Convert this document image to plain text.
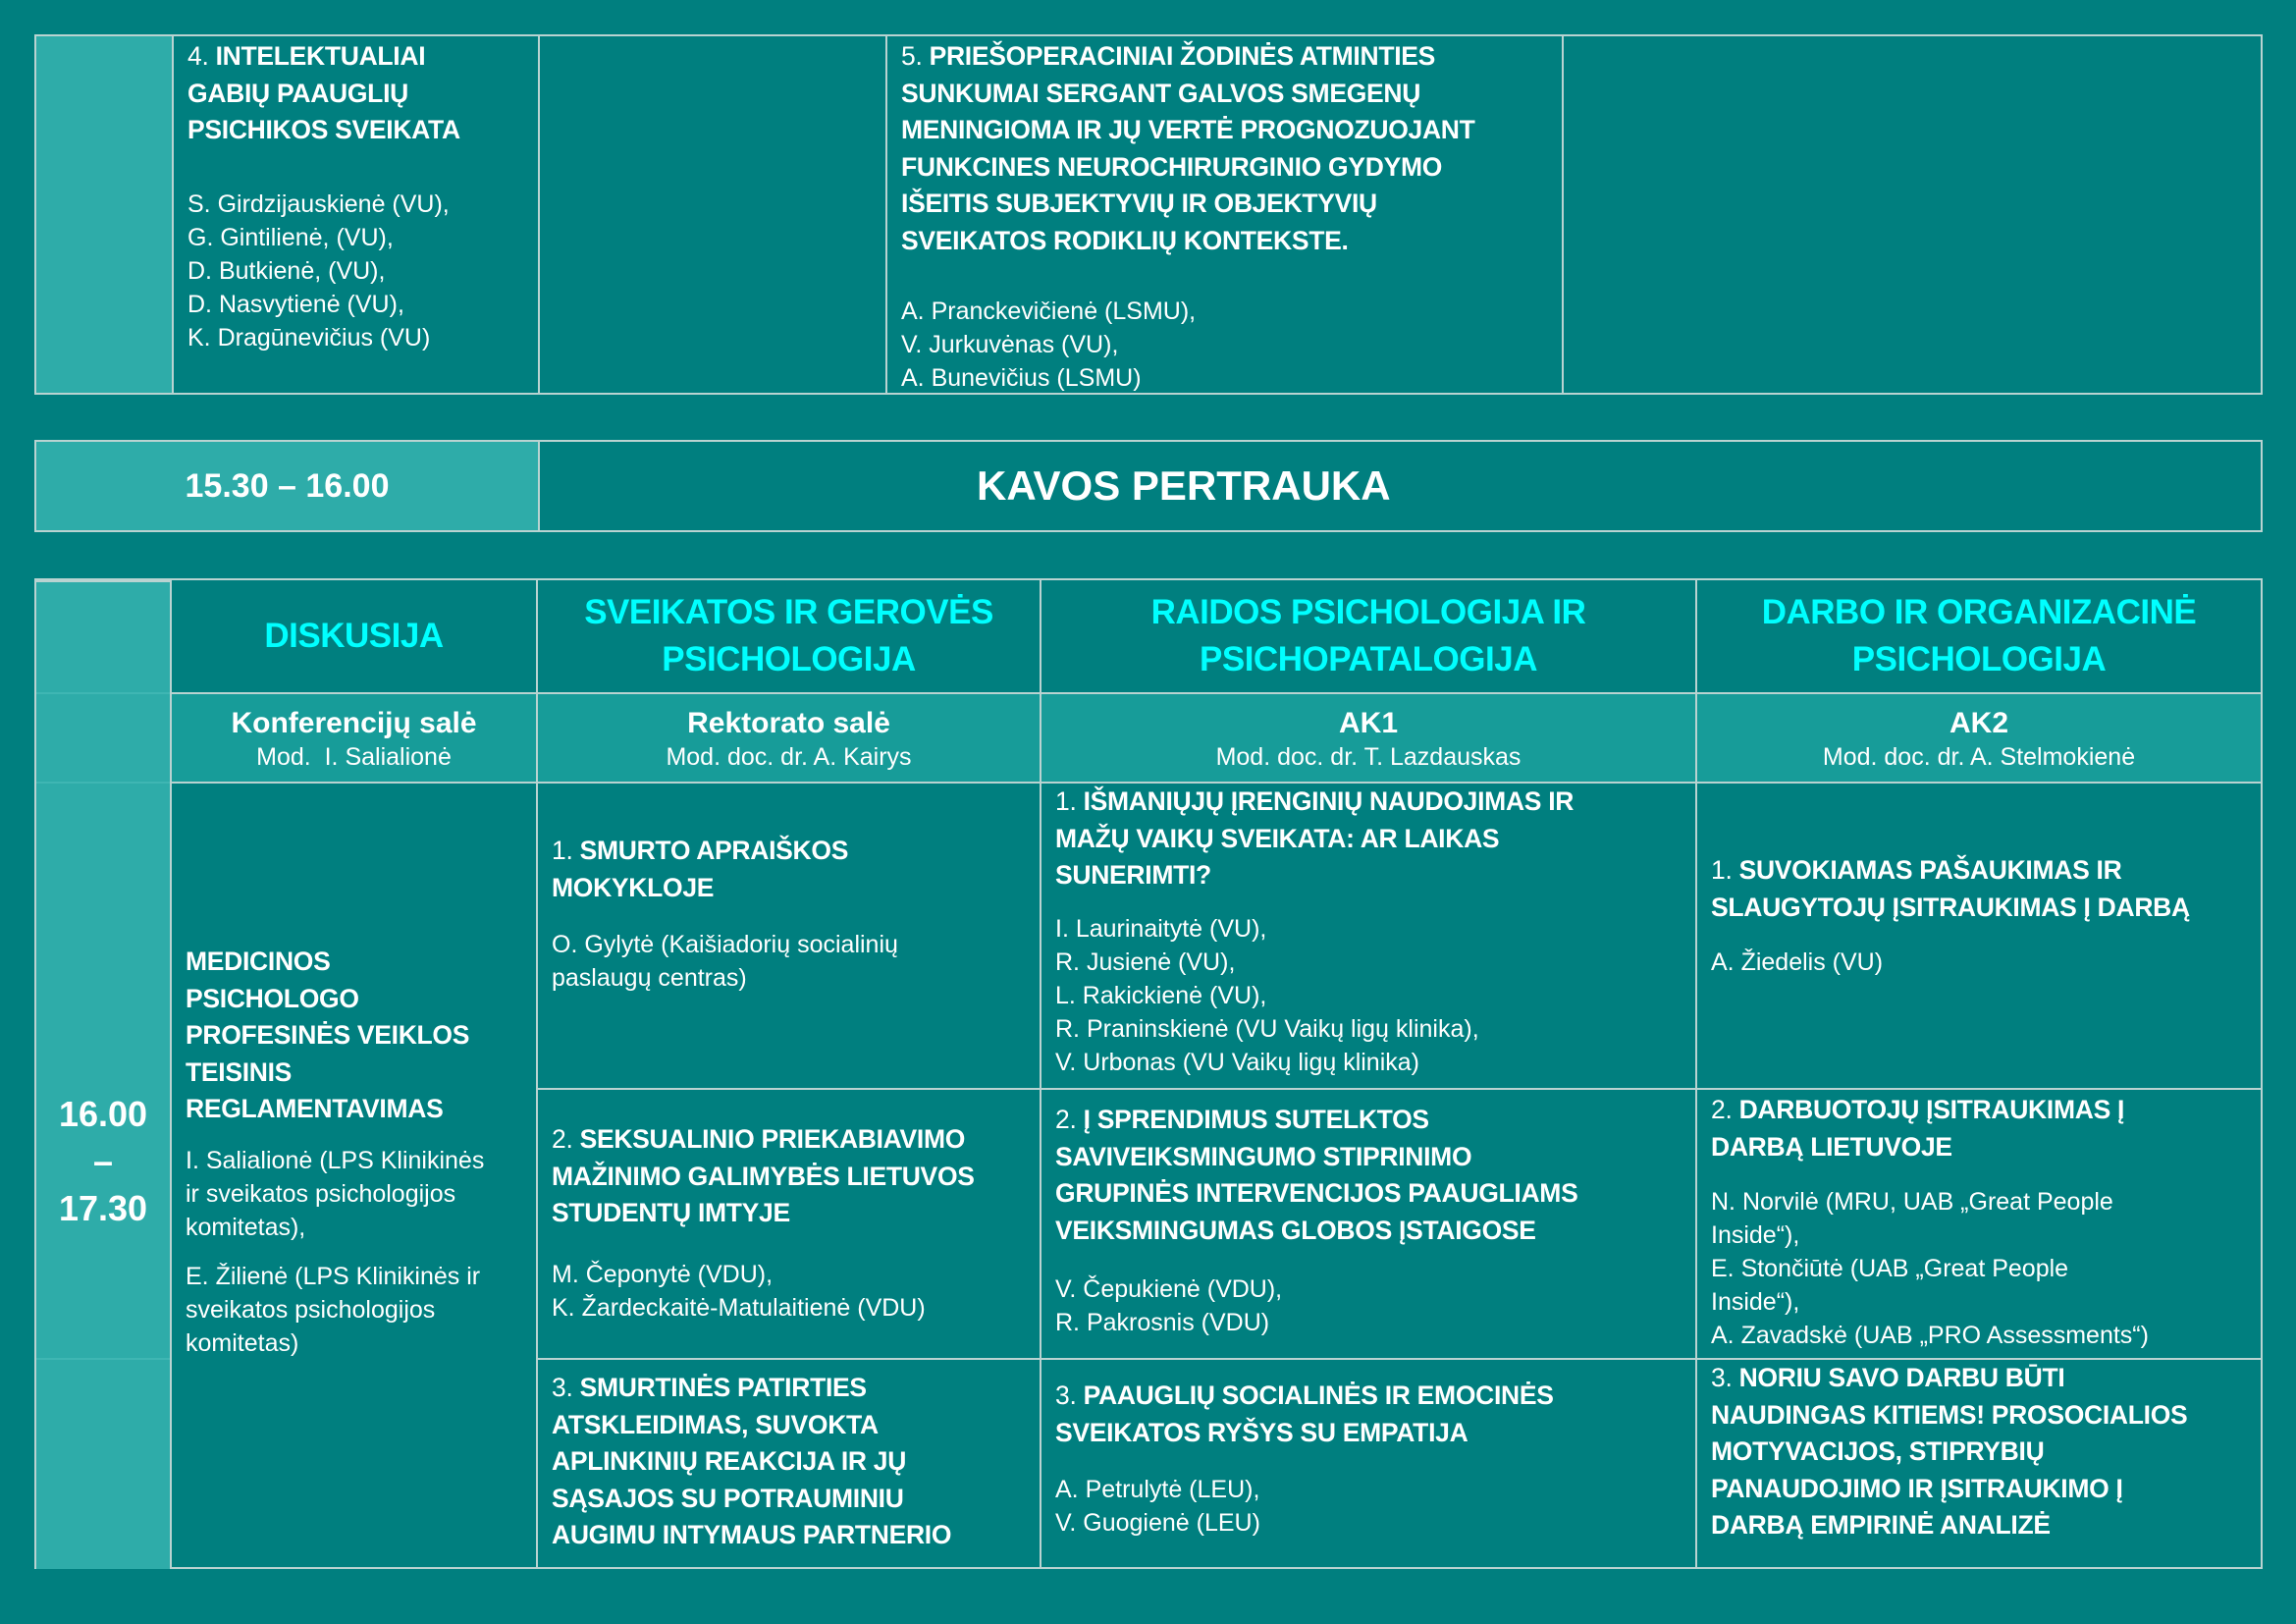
4. INTELEKTUALIAI
GABIŲ PAAUGLIŲ
PSICHIKOS SVEIKATA
S. Girdzijauskienė (VU),
G. Gintilienė, (VU),
D. Butkienė, (VU),
D. Nasvytienė (VU),
K. Dragūnevičius (VU)
5. PRIEŠOPERACINIAI ŽODINĖS ATMINTIES
SUNKUMAI SERGANT GALVOS SMEGENŲ
MENINGIOMA IR JŲ VERTĖ PROGNOZUOJANT
FUNKCINES NEUROCHIRURGINIO GYDYMO
IŠEITIS SUBJEKTYVIŲ IR OBJEKTYVIŲ
SVEIKATOS RODIKLIŲ KONTEKSTE.
A. Pranckevičienė (LSMU),
V. Jurkuvėnas (VU),
A. Bunevičius (LSMU)
15.30 – 16.00	KAVOS PERTRAUKA
16.00
–
17.30
DISKUSIJA
SVEIKATOS IR GEROVĖS
PSICHOLOGIJA
RAIDOS PSICHOLOGIJA IR
PSICHOPATALOGIJA
DARBO IR ORGANIZACINĖ
PSICHOLOGIJA
Konferencijų salė
Mod.  I. Salialionė
Rektorato salė
Mod. doc. dr. A. Kairys
AK1
Mod. doc. dr. T. Lazdauskas
AK2
Mod. doc. dr. A. Stelmokienė
MEDICINOS
PSICHOLOGO
PROFESINĖS VEIKLOS
TEISINIS
REGLAMENTAVIMAS
I. Salialionė (LPS Klinikinės
ir sveikatos psichologijos
komitetas),
E. Žilienė (LPS Klinikinės ir
sveikatos psichologijos
komitetas)
1. SMURTO APRAIŠKOS
MOKYKLOJE
O. Gylytė (Kaišiadorių socialinių
paslaugų centras)
2. SEKSUALINIO PRIEKABIAVIMO
MAŽINIMO GALIMYBĖS LIETUVOS
STUDENTŲ IMTYJE
M. Čeponytė (VDU),
K. Žardeckaitė-Matulaitienė (VDU)
3. SMURTINĖS PATIRTIES
ATSKLEIDIMAS, SUVOKTA
APLINKINIŲ REAKCIJA IR JŲ
SĄSAJOS SU POTRAUMINIU
AUGIMU INTYMAUS PARTNERIO
1. IŠMANIŲJŲ ĮRENGINIŲ NAUDOJIMAS IR
MAŽŲ VAIKŲ SVEIKATA: AR LAIKAS
SUNERIMTI?
I. Laurinaitytė (VU),
R. Jusienė (VU),
L. Rakickienė (VU),
R. Praninskienė (VU Vaikų ligų klinika),
V. Urbonas (VU Vaikų ligų klinika)
2. Į SPRENDIMUS SUTELKTOS
SAVIVEIKSMINGUMO STIPRINIMO
GRUPINĖS INTERVENCIJOS PAAUGLIAMS
VEIKSMINGUMAS GLOBOS ĮSTAIGOSE
V. Čepukienė (VDU),
R. Pakrosnis (VDU)
3. PAAUGLIŲ SOCIALINĖS IR EMOCINĖS
SVEIKATOS RYŠYS SU EMPATIJA
A. Petrulytė (LEU),
V. Guogienė (LEU)
1. SUVOKIAMAS PAŠAUKIMAS IR
SLAUGYTOJŲ ĮSITRAUKIMAS Į DARBĄ
A. Žiedelis (VU)
2. DARBUOTOJŲ ĮSITRAUKIMAS Į
DARBĄ LIETUVOJE
N. Norvilė (MRU, UAB „Great People
Inside“),
E. Stončiūtė (UAB „Great People
Inside“),
A. Zavadskė (UAB „PRO Assessments“)
3. NORIU SAVO DARBU BŪTI
NAUDINGAS KITIEMS! PROSOCIALIOS
MOTYVACIJOS, STIPRYBIŲ
PANAUDOJIMO IR ĮSITRAUKIMO Į
DARBĄ EMPIRINĖ ANALIZĖ
